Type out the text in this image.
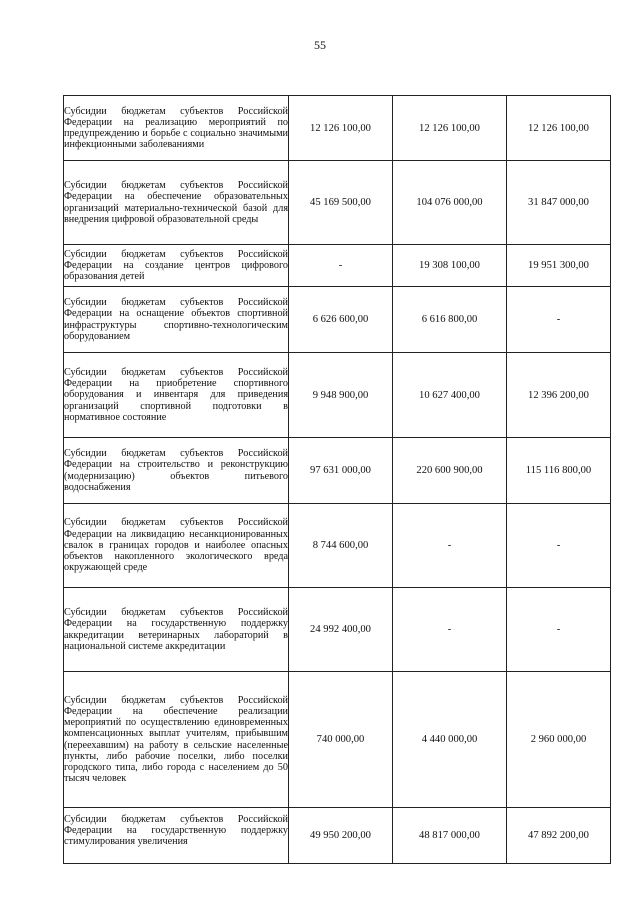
55
Субсидии бюджетам субъектов Российской Федерации на реализацию мероприятий по предупреждению и борьбе с социально значимыми инфекционными заболеваниями	12 126 100,00	12 126 100,00	12 126 100,00
Субсидии бюджетам субъектов Российской Федерации на обеспечение образовательных организаций материально-технической базой для внедрения цифровой образовательной среды	45 169 500,00	104 076 000,00	31 847 000,00
Субсидии бюджетам субъектов Российской Федерации на создание центров цифрового образования детей	-	19 308 100,00	19 951 300,00
Субсидии бюджетам субъектов Российской Федерации на оснащение объектов спортивной инфраструктуры спортивно-технологическим оборудованием	6 626 600,00	6 616 800,00	-
Субсидии бюджетам субъектов Российской Федерации на приобретение спортивного оборудования и инвентаря для приведения организаций спортивной подготовки в нормативное состояние	9 948 900,00	10 627 400,00	12 396 200,00
Субсидии бюджетам субъектов Российской Федерации на строительство и реконструкцию (модернизацию) объектов питьевого водоснабжения	97 631 000,00	220 600 900,00	115 116 800,00
Субсидии бюджетам субъектов Российской Федерации на ликвидацию несанкционированных свалок в границах городов и наиболее опасных объектов накопленного экологического вреда окружающей среде	8 744 600,00	-	-
Субсидии бюджетам субъектов Российской Федерации на государственную поддержку аккредитации ветеринарных лабораторий в национальной системе аккредитации	24 992 400,00	-	-
Субсидии бюджетам субъектов Российской Федерации на обеспечение реализации мероприятий по осуществлению единовременных компенсационных выплат учителям, прибывшим (переехавшим) на работу в сельские населенные пункты, либо рабочие поселки, либо поселки городского типа, либо города с населением до 50 тысяч человек	740 000,00	4 440 000,00	2 960 000,00

Субсидии бюджетам субъектов Российской Федерации на государственную поддержку стимулирования увеличения	49 950 200,00	48 817 000,00	47 892 200,00
